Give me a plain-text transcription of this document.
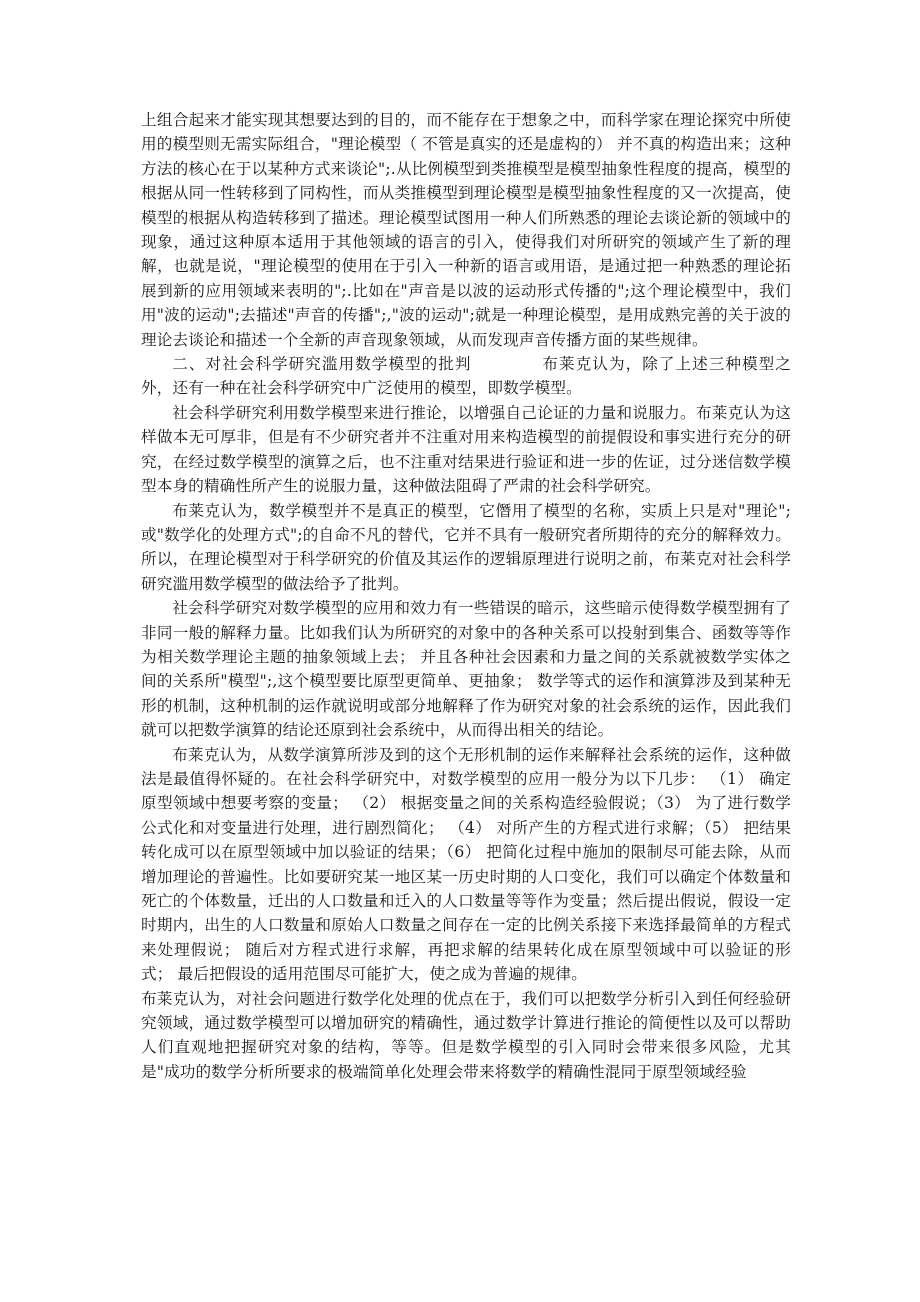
上组合起来才能实现其想要达到的目的，而不能存在于想象之中，而科学家在理论探究中所使用的模型则无需实际组合，"理论模型（ 不管是真实的还是虚构的） 并不真的构造出来；这种方法的核心在于以某种方式来谈论";.从比例模型到类推模型是模型抽象性程度的提高，模型的根据从同一性转移到了同构性，而从类推模型到理论模型是模型抽象性程度的又一次提高，使模型的根据从构造转移到了描述。理论模型试图用一种人们所熟悉的理论去谈论新的领域中的现象，通过这种原本适用于其他领域的语言的引入，使得我们对所研究的领域产生了新的理解，也就是说，"理论模型的使用在于引入一种新的语言或用语，是通过把一种熟悉的理论拓展到新的应用领域来表明的";.比如在"声音是以波的运动形式传播的";这个理论模型中，我们用"波的运动";去描述"声音的传播";,"波的运动";就是一种理论模型，是用成熟完善的关于波的理论去谈论和描述一个全新的声音现象领域，从而发现声音传播方面的某些规律。

二、对社会科学研究滥用数学模型的批判	布莱克认为，除了上述三种模型之外，还有一种在社会科学研究中广泛使用的模型，即数学模型。

社会科学研究利用数学模型来进行推论，以增强自己论证的力量和说服力。布莱克认为这样做本无可厚非，但是有不少研究者并不注重对用来构造模型的前提假设和事实进行充分的研究，在经过数学模型的演算之后，也不注重对结果进行验证和进一步的佐证，过分迷信数学模型本身的精确性所产生的说服力量，这种做法阻碍了严肃的社会科学研究。

布莱克认为，数学模型并不是真正的模型，它僭用了模型的名称，实质上只是对"理论";或"数学化的处理方式";的自命不凡的替代，它并不具有一般研究者所期待的充分的解释效力。所以，在理论模型对于科学研究的价值及其运作的逻辑原理进行说明之前，布莱克对社会科学研究滥用数学模型的做法给予了批判。

社会科学研究对数学模型的应用和效力有一些错误的暗示，这些暗示使得数学模型拥有了非同一般的解释力量。比如我们认为所研究的对象中的各种关系可以投射到集合、函数等等作为相关数学理论主题的抽象领域上去； 并且各种社会因素和力量之间的关系就被数学实体之间的关系所"模型";,这个模型要比原型更简单、更抽象； 数学等式的运作和演算涉及到某种无形的机制，这种机制的运作就说明或部分地解释了作为研究对象的社会系统的运作，因此我们就可以把数学演算的结论还原到社会系统中，从而得出相关的结论。

布莱克认为，从数学演算所涉及到的这个无形机制的运作来解释社会系统的运作，这种做法是最值得怀疑的。在社会科学研究中，对数学模型的应用一般分为以下几步： （1） 确定原型领域中想要考察的变量； （2） 根据变量之间的关系构造经验假说；（3） 为了进行数学公式化和对变量进行处理，进行剧烈简化； （4） 对所产生的方程式进行求解；（5） 把结果转化成可以在原型领域中加以验证的结果；（6） 把简化过程中施加的限制尽可能去除，从而增加理论的普遍性。比如要研究某一地区某一历史时期的人口变化，我们可以确定个体数量和死亡的个体数量，迁出的人口数量和迁入的人口数量等等作为变量；然后提出假说，假设一定时期内，出生的人口数量和原始人口数量之间存在一定的比例关系接下来选择最简单的方程式来处理假说； 随后对方程式进行求解，再把求解的结果转化成在原型领域中可以验证的形式； 最后把假设的适用范围尽可能扩大，使之成为普遍的规律。

布莱克认为，对社会问题进行数学化处理的优点在于，我们可以把数学分析引入到任何经验研究领域，通过数学模型可以增加研究的精确性，通过数学计算进行推论的简便性以及可以帮助人们直观地把握研究对象的结构，等等。但是数学模型的引入同时会带来很多风险，尤其是"成功的数学分析所要求的极端简单化处理会带来将数学的精确性混同于原型领域经验
